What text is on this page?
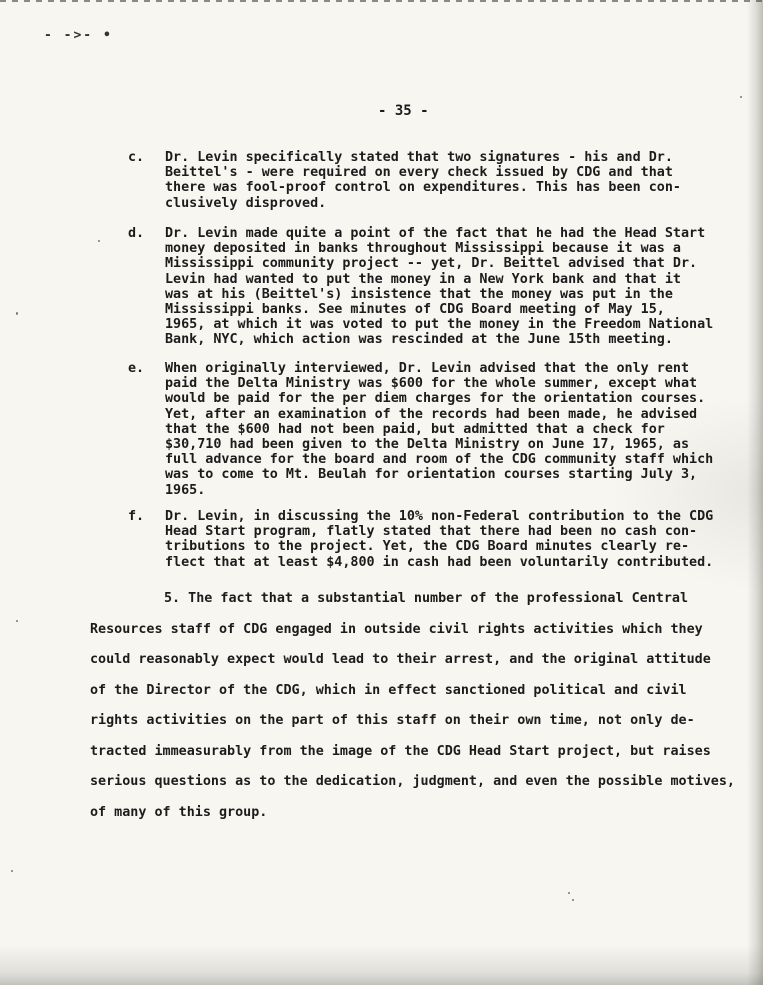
- ->- •
- 35 -
c. Dr. Levin specifically stated that two signatures - his and Dr.
Beittel's - were required on every check issued by CDG and that
there was fool-proof control on expenditures. This has been con-
clusively disproved.

d. Dr. Levin made quite a point of the fact that he had the Head Start
money deposited in banks throughout Mississippi because it was a
Mississippi community project -- yet, Dr. Beittel advised that Dr.
Levin had wanted to put the money in a New York bank and that it
was at his (Beittel's) insistence that the money was put in the
Mississippi banks. See minutes of CDG Board meeting of May 15,
1965, at which it was voted to put the money in the Freedom National
Bank, NYC, which action was rescinded at the June 15th meeting.

e. When originally interviewed, Dr. Levin advised that the only rent
paid the Delta Ministry was $600 for the whole summer, except what
would be paid for the per diem charges for the orientation courses.
Yet, after an examination of the records had been made, he advised
that the $600 had not been paid, but admitted that a check for
$30,710 had been given to the Delta Ministry on June 17, 1965, as
full advance for the board and room of the CDG community staff which
was to come to Mt. Beulah for orientation courses starting July 3,
1965.

f. Dr. Levin, in discussing the 10% non-Federal contribution to the CDG
Head Start program, flatly stated that there had been no cash con-
tributions to the project. Yet, the CDG Board minutes clearly re-
flect that at least $4,800 in cash had been voluntarily contributed.

5. The fact that a substantial number of the professional Central
Resources staff of CDG engaged in outside civil rights activities which they
could reasonably expect would lead to their arrest, and the original attitude
of the Director of the CDG, which in effect sanctioned political and civil
rights activities on the part of this staff on their own time, not only de-
tracted immeasurably from the image of the CDG Head Start project, but raises
serious questions as to the dedication, judgment, and even the possible motives,
of many of this group.
